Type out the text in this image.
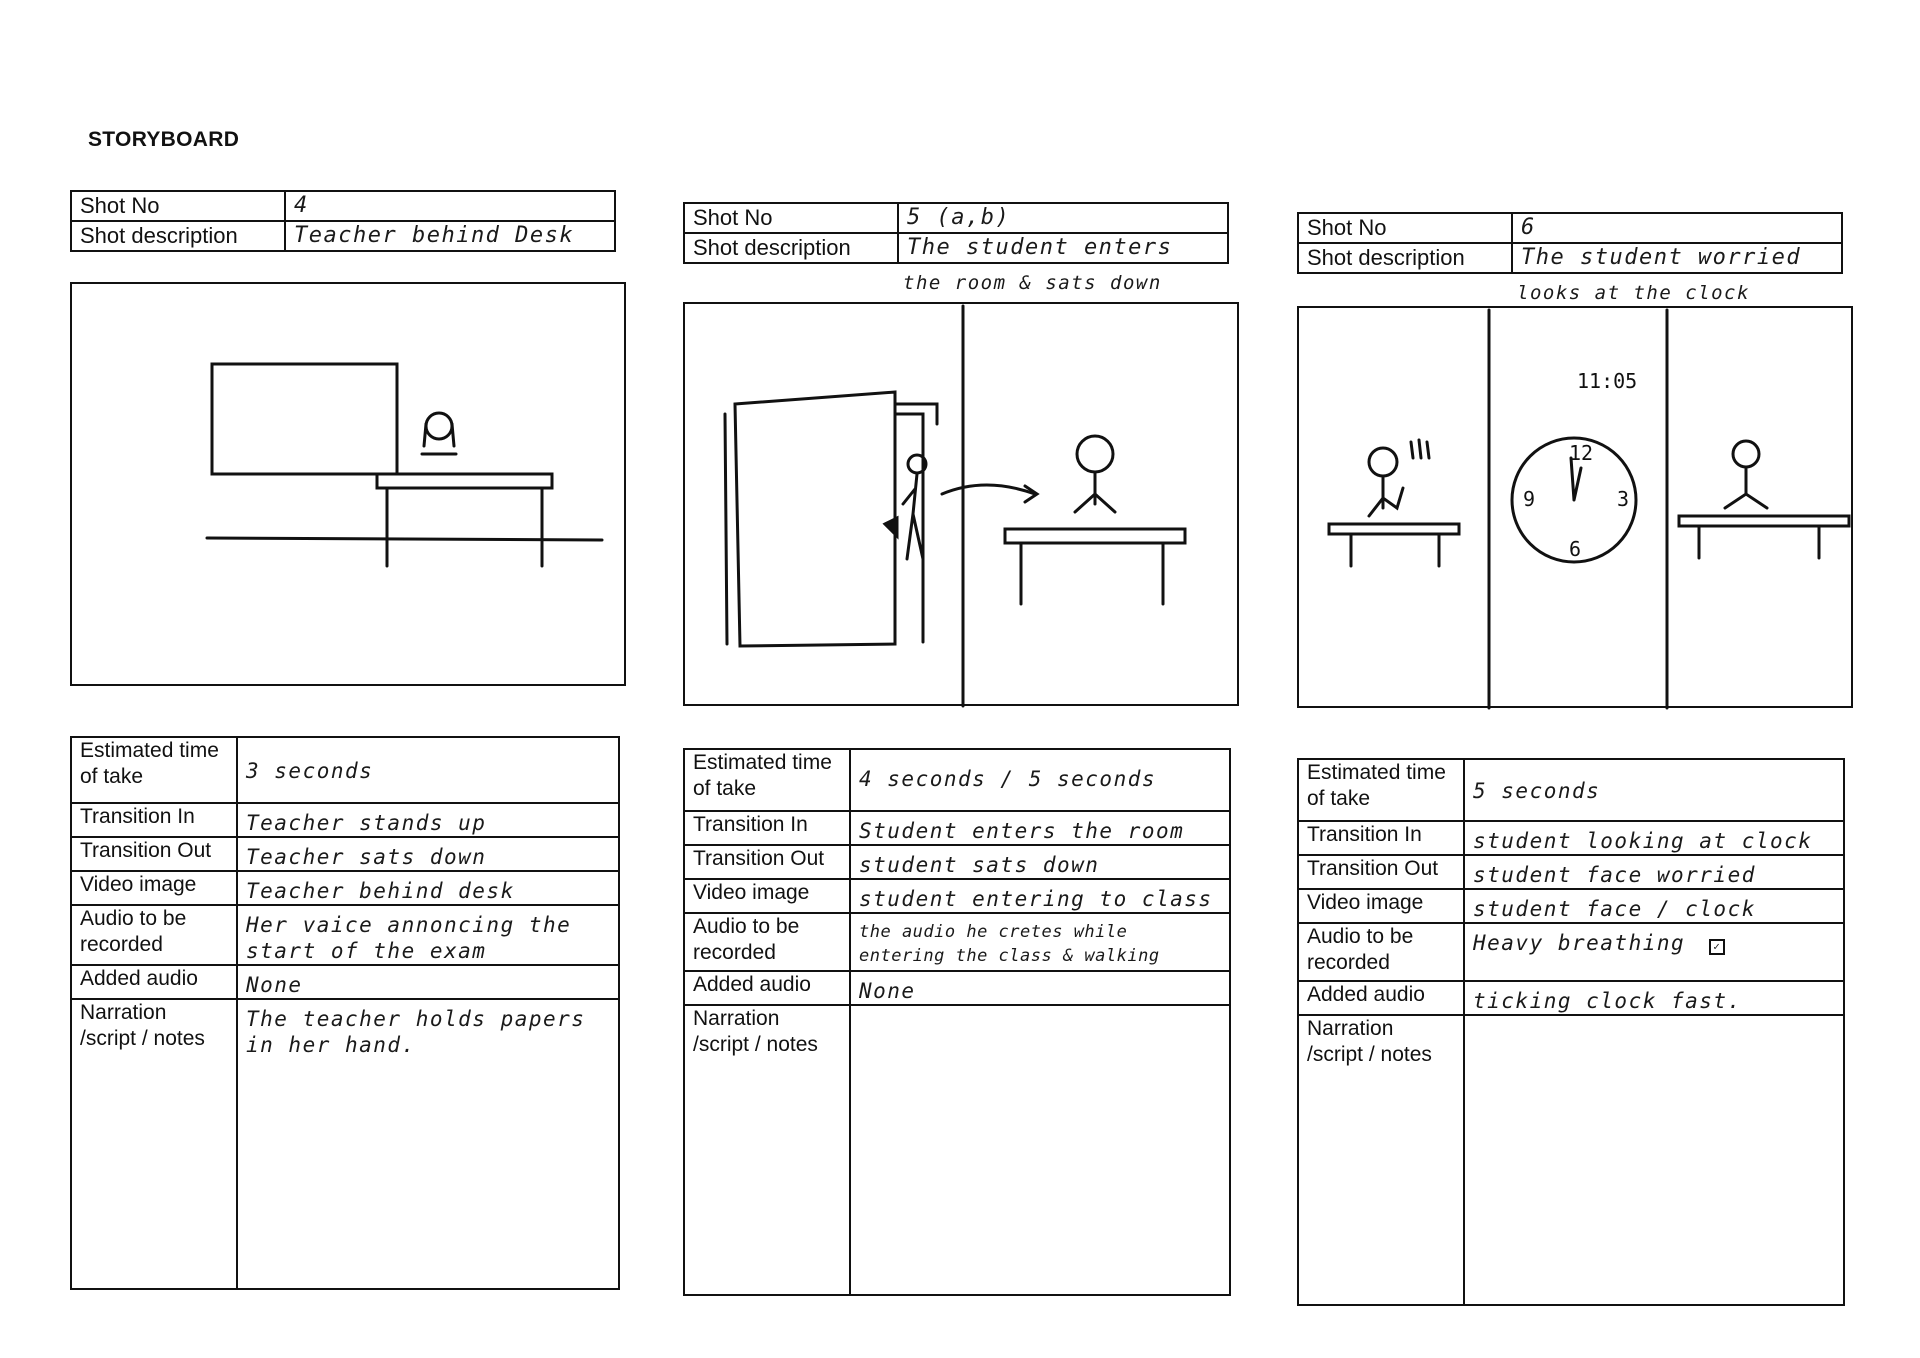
STORYBOARD
Shot No	4
Shot description	Teacher behind Desk
Estimated time of take	3 seconds
Transition In	Teacher stands up
Transition Out	Teacher sats down
Video image	Teacher behind desk
Audio to be recorded	Her vaice annoncing the start of the exam
Added audio	None
Narration /script / notes	The teacher holds papers in her hand.
Shot No	5 (a,b)
Shot description	The student enters
the room & sats down
Estimated time of take	4 seconds / 5 seconds
Transition In	Student enters the room
Transition Out	student sats down
Video image	student entering to class
Audio to be recorded	the audio he cretes while entering the class & walking
Added audio	None
Narration /script / notes	
Shot No	6
Shot description	The student worried
looks at the clock
12
3
6
9
11:05
Estimated time of take	5 seconds
Transition In	student looking at clock
Transition Out	student face worried
Video image	student face / clock
Audio to be recorded	Heavy breathing ✓
Added audio	ticking clock fast.
Narration /script / notes	
